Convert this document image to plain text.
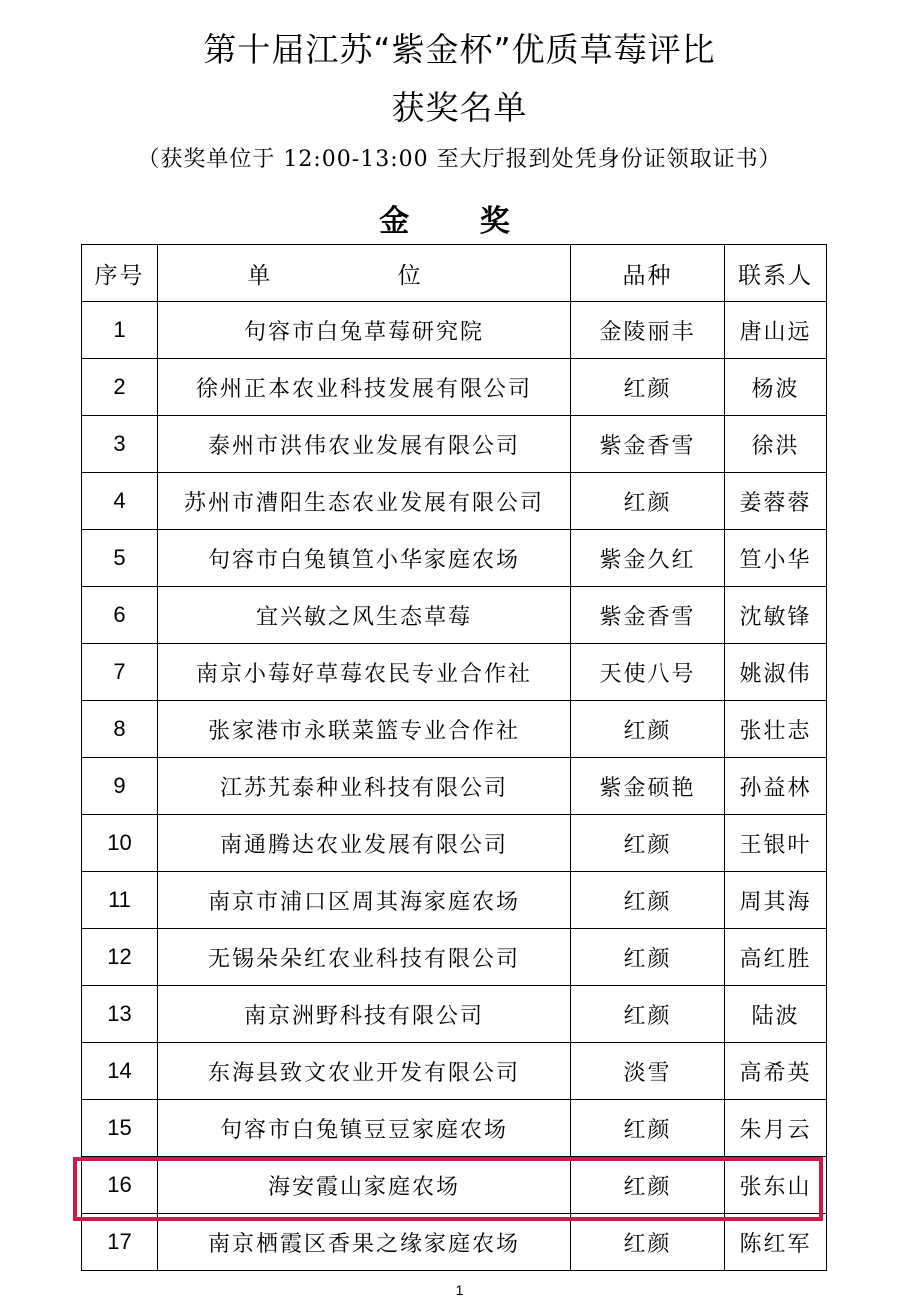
第十届江苏“紫金杯”优质草莓评比
获奖名单
（获奖单位于 12:00-13:00 至大厅报到处凭身份证领取证书）
金 奖
序号	单 位	品种	联系人
1	句容市白兔草莓研究院	金陵丽丰	唐山远
2	徐州正本农业科技发展有限公司	红颜	杨波
3	泰州市洪伟农业发展有限公司	紫金香雪	徐洪
4	苏州市漕阳生态农业发展有限公司	红颜	姜蓉蓉
5	句容市白兔镇笪小华家庭农场	紫金久红	笪小华
6	宜兴敏之风生态草莓	紫金香雪	沈敏锋
7	南京小莓好草莓农民专业合作社	天使八号	姚淑伟
8	张家港市永联菜篮专业合作社	红颜	张壮志
9	江苏艽泰种业科技有限公司	紫金硕艳	孙益林
10	南通腾达农业发展有限公司	红颜	王银叶
11	南京市浦口区周其海家庭农场	红颜	周其海
12	无锡朵朵红农业科技有限公司	红颜	高红胜
13	南京洲野科技有限公司	红颜	陆波
14	东海县致文农业开发有限公司	淡雪	高希英
15	句容市白兔镇豆豆家庭农场	红颜	朱月云
16	海安霞山家庭农场	红颜	张东山
17	南京栖霞区香果之缘家庭农场	红颜	陈红军
1
